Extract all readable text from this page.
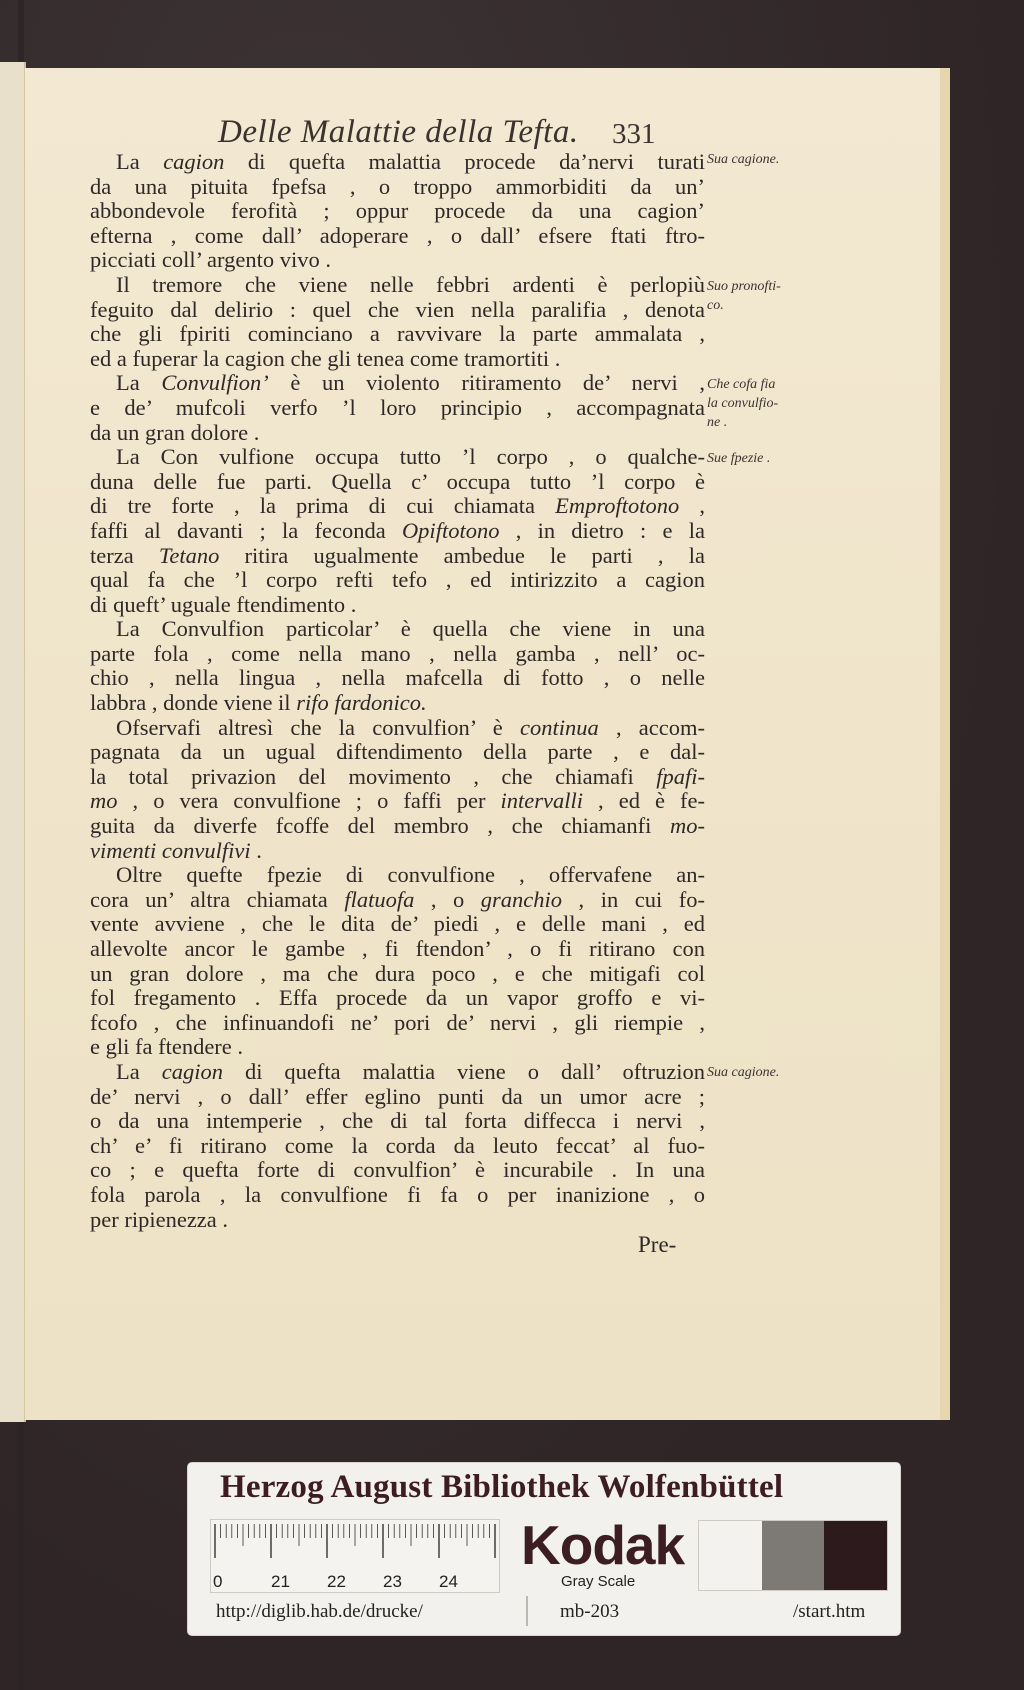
Delle Malattie della Tefta. 331
La cagion di quefta malattia procede da’nervi turati
da una pituita fpefsa , o troppo ammorbiditi da un’
abbondevole ferofità ; oppur procede da una cagion’
efterna , come dall’ adoperare , o dall’ efsere ftati ftro-
picciati coll’ argento vivo .
Il tremore che viene nelle febbri ardenti è perlopiù
feguito dal delirio : quel che vien nella paralifia , denota
che gli fpiriti cominciano a ravvivare la parte ammalata ,
ed a fuperar la cagion che gli tenea come tramortiti .
La Convulfion’ è un violento ritiramento de’ nervi ,
e de’ mufcoli verfo ’l loro principio , accompagnata
da un gran dolore .
La Con vulfione occupa tutto ’l corpo , o qualche-
duna delle fue parti. Quella c’ occupa tutto ’l corpo è
di tre forte , la prima di cui chiamata Emproftotono ,
faffi al davanti ; la feconda Opiftotono , in dietro : e la
terza Tetano ritira ugualmente ambedue le parti , la
qual fa che ’l corpo refti tefo , ed intirizzito a cagion
di queft’ uguale ftendimento .
La Convulfion particolar’ è quella che viene in una
parte fola , come nella mano , nella gamba , nell’ oc-
chio , nella lingua , nella mafcella di fotto , o nelle
labbra , donde viene il rifo fardonico.
Ofservafi altresì che la convulfion’ è continua , accom-
pagnata da un ugual diftendimento della parte , e dal-
la total privazion del movimento , che chiamafi fpafi-
mo , o vera convulfione ; o faffi per intervalli , ed è fe-
guita da diverfe fcoffe del membro , che chiamanfi mo-
vimenti convulfivi .
Oltre quefte fpezie di convulfione , offervafene an-
cora un’ altra chiamata flatuofa , o granchio , in cui fo-
vente avviene , che le dita de’ piedi , e delle mani , ed
allevolte ancor le gambe , fi ftendon’ , o fi ritirano con
un gran dolore , ma che dura poco , e che mitigafi col
fol fregamento . Effa procede da un vapor groffo e vi-
fcofo , che infinuandofi ne’ pori de’ nervi , gli riempie ,
e gli fa ftendere .
La cagion di quefta malattia viene o dall’ oftruzion
de’ nervi , o dall’ effer eglino punti da un umor acre ;
o da una intemperie , che di tal forta diffecca i nervi ,
ch’ e’ fi ritirano come la corda da leuto feccat’ al fuo-
co ; e quefta forte di convulfion’ è incurabile . In una
fola parola , la convulfione fi fa o per inanizione , o
per ripienezza .
Sua cagione.
Suo pronofti-
co.
Che cofa fia
la convulfio-
ne .
Sue fpezie .
Sua cagione.
Pre-
Herzog August Bibliothek Wolfenbüttel
0	21 22 23 24
Kodak
Gray Scale
http://diglib.hab.de/drucke/	mb-203	/start.htm
